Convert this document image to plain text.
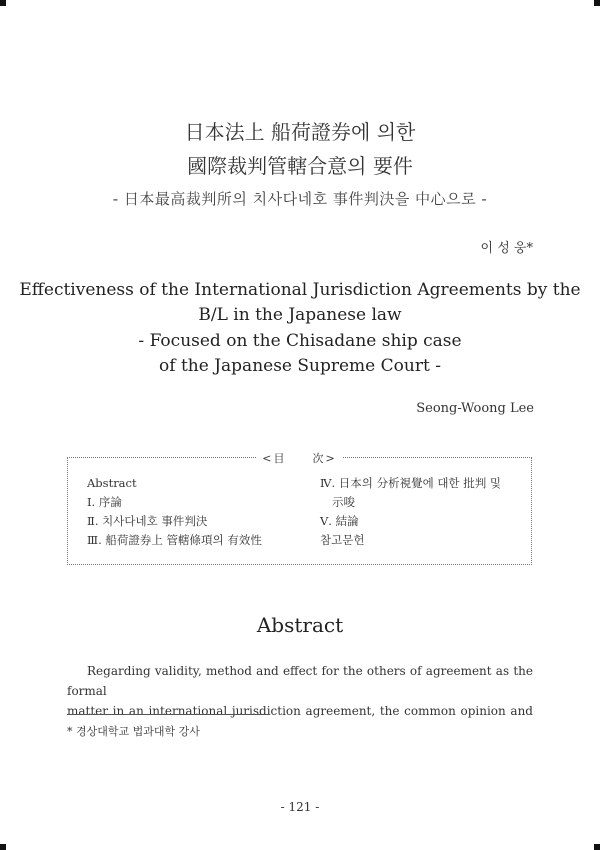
日本法上 船荷證券에 의한
國際裁判管轄合意의 要件
- 日本最高裁判所의 치사다네호 事件判決을 中心으로 -
이 성 웅*
Effectiveness of the International Jurisdiction Agreements by the
B/L in the Japanese law
- Focused on the Chisadane ship case
of the Japanese Supreme Court -
Seong-Woong Lee
<目　　次>
Abstract
Ⅰ. 序論
Ⅱ. 치사다네호 事件判決
Ⅲ. 船荷證券上 管轄條項의 有效性
Ⅳ. 日本의 分析視覺에 대한 批判 및
示唆
Ⅴ. 結論
참고문헌
Abstract
Regarding validity, method and effect for the others of agreement as the formal
matter in an international jurisdiction agreement, the common opinion and
* 경상대학교 법과대학 강사
- 121 -
